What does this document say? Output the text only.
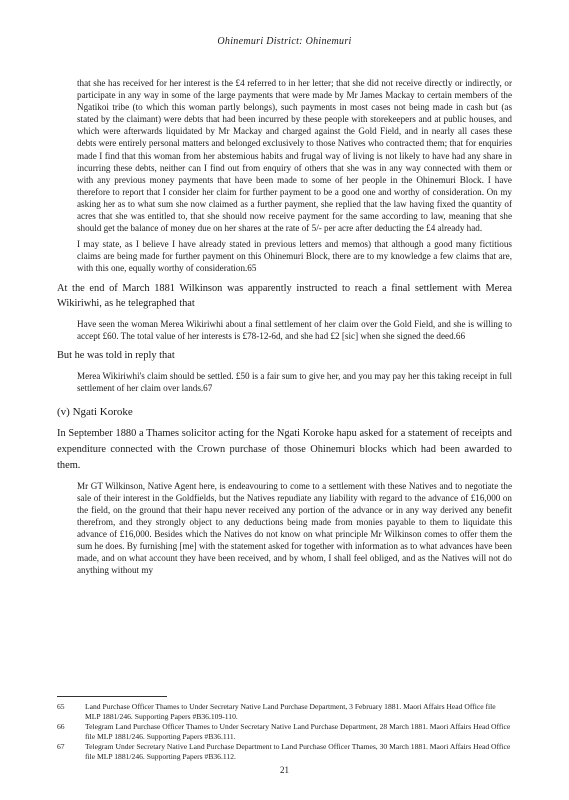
Ohinemuri District: Ohinemuri
that she has received for her interest is the £4 referred to in her letter; that she did not receive directly or indirectly, or participate in any way in some of the large payments that were made by Mr James Mackay to certain members of the Ngatikoi tribe (to which this woman partly belongs), such payments in most cases not being made in cash but (as stated by the claimant) were debts that had been incurred by these people with storekeepers and at public houses, and which were afterwards liquidated by Mr Mackay and charged against the Gold Field, and in nearly all cases these debts were entirely personal matters and belonged exclusively to those Natives who contracted them; that for enquiries made I find that this woman from her abstemious habits and frugal way of living is not likely to have had any share in incurring these debts, neither can I find out from enquiry of others that she was in any way connected with them or with any previous money payments that have been made to some of her people in the Ohinemuri Block. I have therefore to report that I consider her claim for further payment to be a good one and worthy of consideration. On my asking her as to what sum she now claimed as a further payment, she replied that the law having fixed the quantity of acres that she was entitled to, that she should now receive payment for the same according to law, meaning that she should get the balance of money due on her shares at the rate of 5/- per acre after deducting the £4 already had.
I may state, as I believe I have already stated in previous letters and memos) that although a good many fictitious claims are being made for further payment on this Ohinemuri Block, there are to my knowledge a few claims that are, with this one, equally worthy of consideration.65
At the end of March 1881 Wilkinson was apparently instructed to reach a final settlement with Merea Wikiriwhi, as he telegraphed that
Have seen the woman Merea Wikiriwhi about a final settlement of her claim over the Gold Field, and she is willing to accept £60. The total value of her interests is £78-12-6d, and she had £2 [sic] when she signed the deed.66
But he was told in reply that
Merea Wikiriwhi's claim should be settled. £50 is a fair sum to give her, and you may pay her this taking receipt in full settlement of her claim over lands.67
(v) Ngati Koroke
In September 1880 a Thames solicitor acting for the Ngati Koroke hapu asked for a statement of receipts and expenditure connected with the Crown purchase of those Ohinemuri blocks which had been awarded to them.
Mr GT Wilkinson, Native Agent here, is endeavouring to come to a settlement with these Natives and to negotiate the sale of their interest in the Goldfields, but the Natives repudiate any liability with regard to the advance of £16,000 on the field, on the ground that their hapu never received any portion of the advance or in any way derived any benefit therefrom, and they strongly object to any deductions being made from monies payable to them to liquidate this advance of £16,000. Besides which the Natives do not know on what principle Mr Wilkinson comes to offer them the sum he does. By furnishing [me] with the statement asked for together with information as to what advances have been made, and on what account they have been received, and by whom, I shall feel obliged, and as the Natives will not do anything without my
65	Land Purchase Officer Thames to Under Secretary Native Land Purchase Department, 3 February 1881. Maori Affairs Head Office file MLP 1881/246. Supporting Papers #B36.109-110.
66	Telegram Land Purchase Officer Thames to Under Secretary Native Land Purchase Department, 28 March 1881. Maori Affairs Head Office file MLP 1881/246. Supporting Papers #B36.111.
67	Telegram Under Secretary Native Land Purchase Department to Land Purchase Officer Thames, 30 March 1881. Maori Affairs Head Office file MLP 1881/246. Supporting Papers #B36.112.
21
